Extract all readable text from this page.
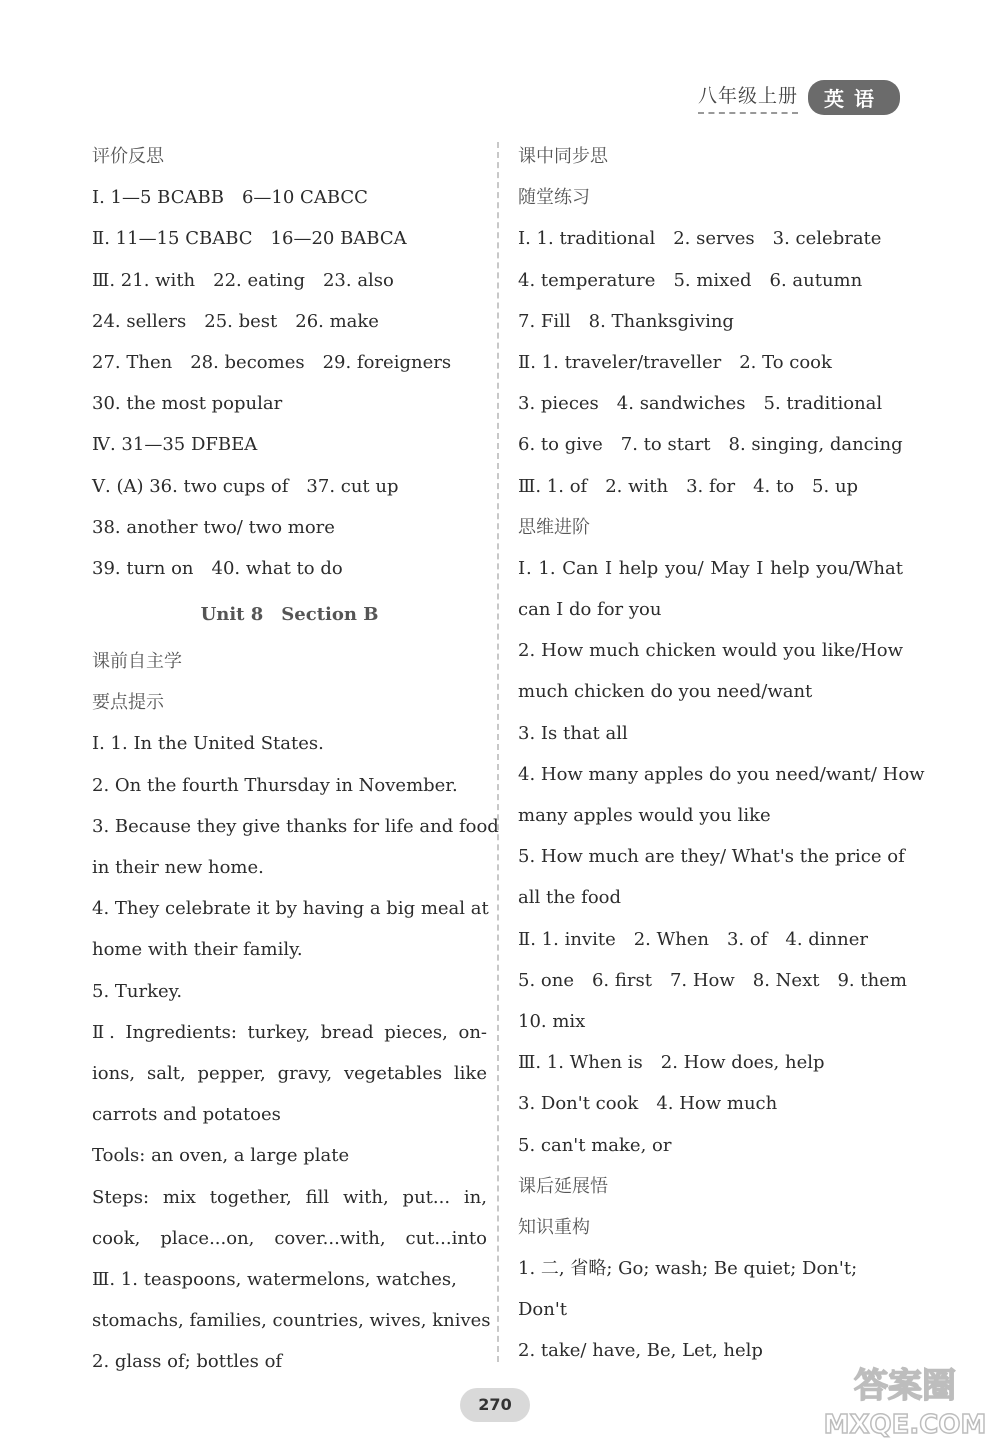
八年级上册	英语
评价反思
Ⅰ. 1—5 BCABB　6—10 CABCC
Ⅱ. 11—15 CBABC　16—20 BABCA
Ⅲ. 21. with　22. eating　23. also
24. sellers　25. best　26. make
27. Then　28. becomes　29. foreigners
30. the most popular
Ⅳ. 31—35 DFBEA
Ⅴ. (A) 36. two cups of　37. cut up
38. another two/ two more
39. turn on　40. what to do
Unit 8　Section B
课前自主学
要点提示
Ⅰ. 1. In the United States.
2. On the fourth Thursday in November.
3. Because they give thanks for life and food
in their new home.
4. They celebrate it by having a big meal at
home with their family.
5. Turkey.
Ⅱ. Ingredients: turkey, bread pieces, on-
ions, salt, pepper, gravy, vegetables like
carrots and potatoes
Tools: an oven, a large plate
Steps: mix together, fill with, put... in,
cook, place...on, cover...with, cut...into
Ⅲ. 1. teaspoons, watermelons, watches,
stomachs, families, countries, wives, knives
2. glass of; bottles of
课中同步思
随堂练习
Ⅰ. 1. traditional　2. serves　3. celebrate
4. temperature　5. mixed　6. autumn
7. Fill　8. Thanksgiving
Ⅱ. 1. traveler/traveller　2. To cook
3. pieces　4. sandwiches　5. traditional
6. to give　7. to start　8. singing, dancing
Ⅲ. 1. of　2. with　3. for　4. to　5. up
思维进阶
Ⅰ. 1. Can I help you/ May I help you/What
can I do for you
2. How much chicken would you like/How
much chicken do you need/want
3. Is that all
4. How many apples do you need/want/ How
many apples would you like
5. How much are they/ What's the price of
all the food
Ⅱ. 1. invite　2. When　3. of　4. dinner
5. one　6. first　7. How　8. Next　9. them
10. mix
Ⅲ. 1. When is　2. How does, help
3. Don't cook　4. How much
5. can't make, or
课后延展悟
知识重构
1. 二, 省略; Go; wash; Be quiet; Don't;
Don't
2. take/ have, Be, Let, help
270	答案圈
MXQE.COM
